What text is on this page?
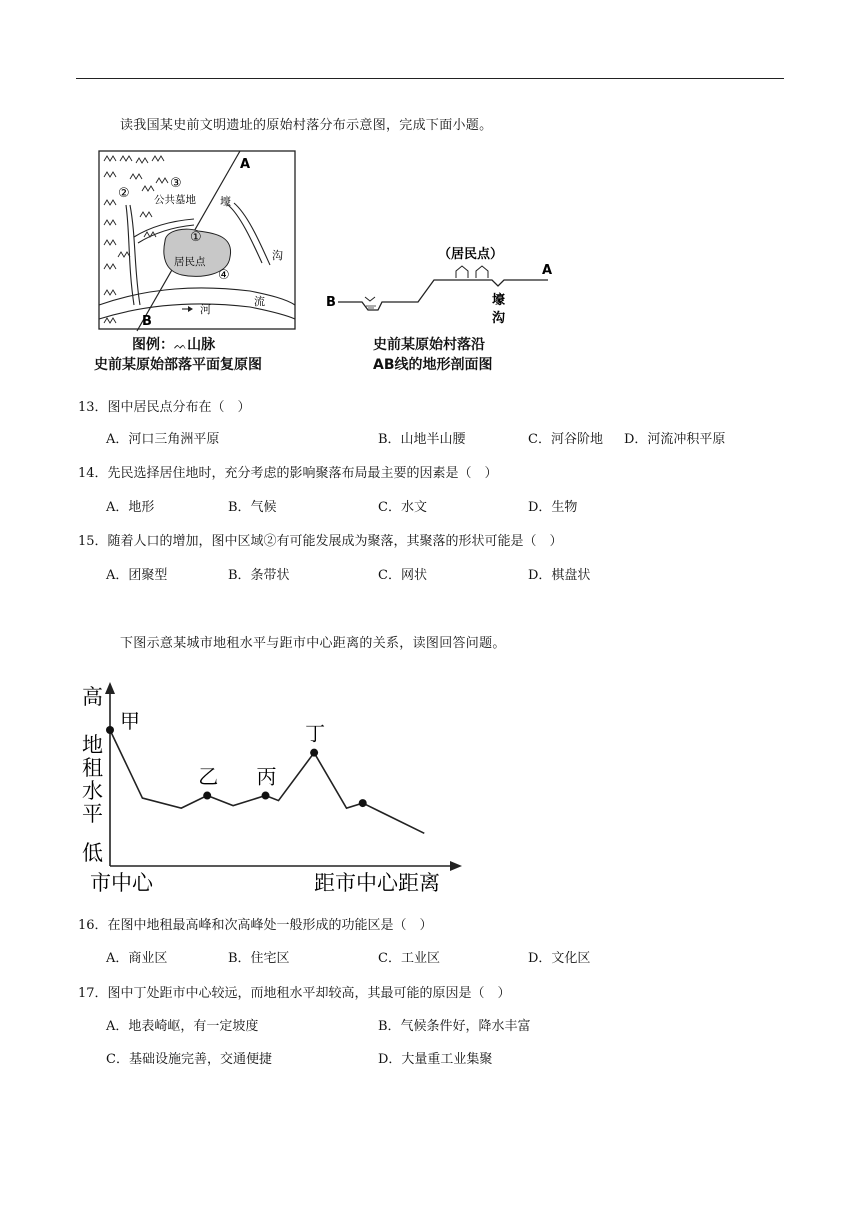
读我国某史前文明遗址的原始村落分布示意图，完成下面小题。
A
B
①
②
③
④
公共墓地
居民点
壕
沟
河
流
图例：ᨓ山脉
史前某原始部落平面复原图
（居民点）
A
B	壕
沟
史前某原始村落沿
AB线的地形剖面图
13．图中居民点分布在（　）
A．河口三角洲平原	B．山地半山腰	C．河谷阶地 D．河流冲积平原
14．先民选择居住地时，充分考虑的影响聚落布局最主要的因素是（　）
A．地形	B．气候	C．水文	D．生物
15．随着人口的增加，图中区域②有可能发展成为聚落，其聚落的形状可能是（　）
A．团聚型	B．条带状	C．网状	D．棋盘状
下图示意某城市地租水平与距市中心距离的关系，读图回答问题。
高
低
地租水平
市中心	距市中心距离
甲
乙 丙
丁
16．在图中地租最高峰和次高峰处一般形成的功能区是（　）
A．商业区	B．住宅区	C．工业区	D．文化区
17．图中丁处距市中心较远，而地租水平却较高，其最可能的原因是（　）
A．地表崎岖，有一定坡度	B．气候条件好，降水丰富
C．基础设施完善，交通便捷	D．大量重工业集聚
